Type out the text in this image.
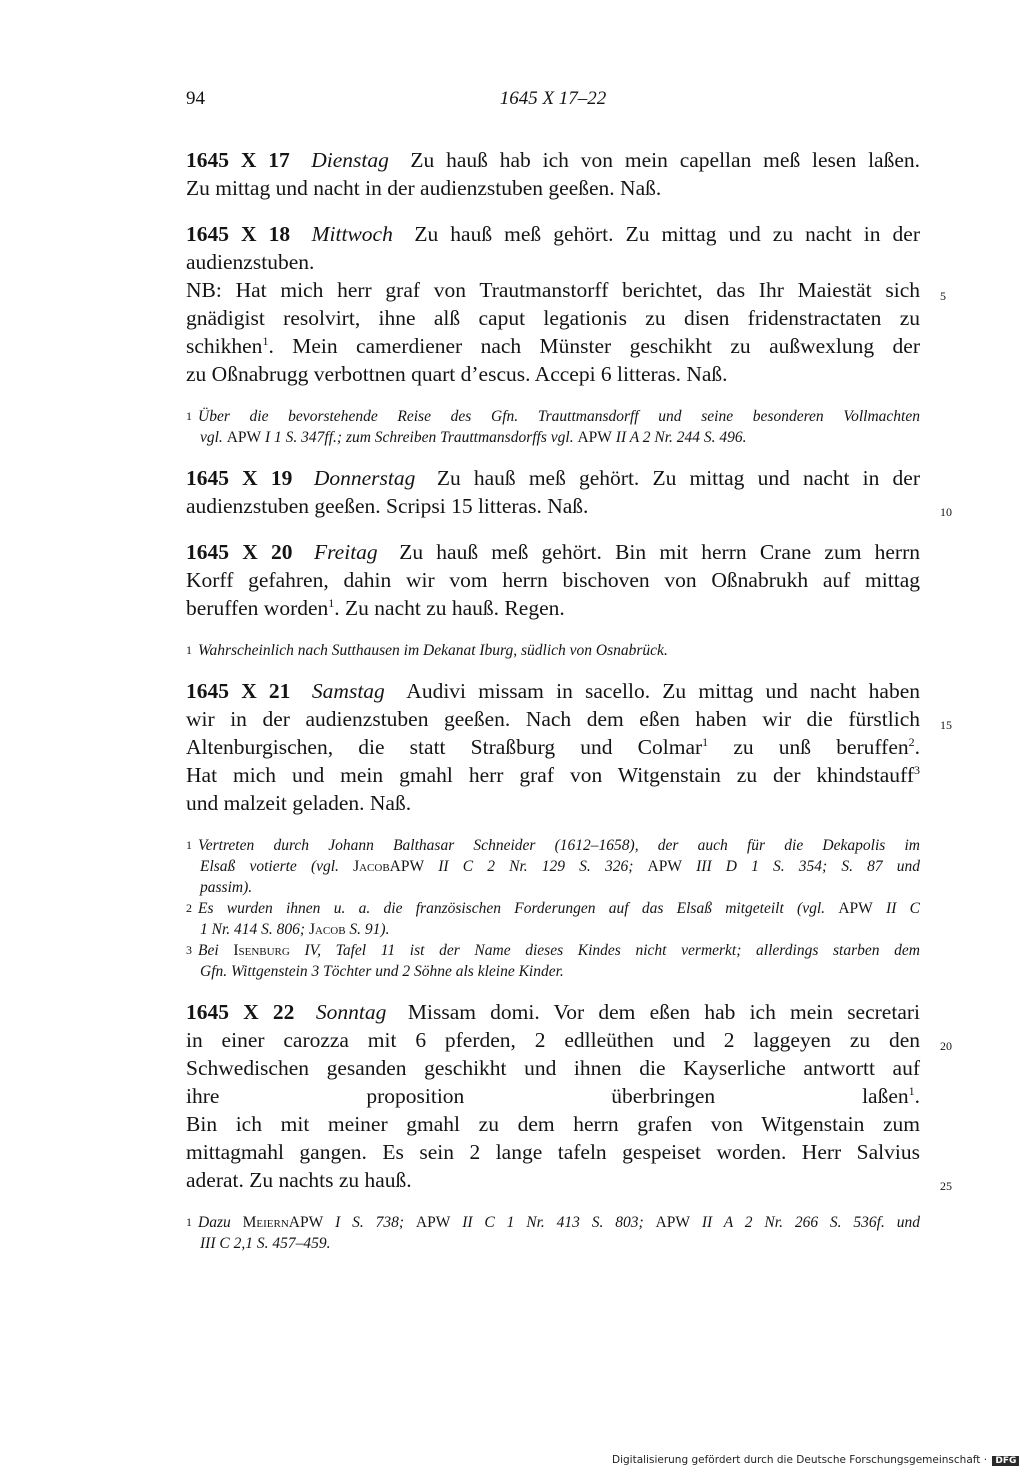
94	1645 X 17–22
1645 X 17  Dienstag  Zu hauß hab ich von mein capellan meß lesen laßen.
Zu mittag und nacht in der audienzstuben geeßen. Naß.
1645 X 18  Mittwoch  Zu hauß meß gehört. Zu mittag und zu nacht in der
audienzstuben.
NB: Hat mich herr graf von Trautmanstorff berichtet, das Ihr Maiestät sich 5
gnädigist resolvirt, ihne alß caput legationis zu disen fridenstractaten zu
schikhen$^1$. Mein camerdiener nach Münster geschikht zu außwexlung der
zu Oßnabrugg verbottnen quart d’escus. Accepi 6 litteras. Naß.
$^1$ Über die bevorstehende Reise des Gfn. Trauttmansdorff und seine besonderen Vollmachten
vgl. APW I 1 S. 347ff.; zum Schreiben Trauttmansdorffs vgl. APW II A 2 Nr. 244 S. 496.
1645 X 19  Donnerstag  Zu hauß meß gehört. Zu mittag und nacht in der
audienzstuben geeßen. Scripsi 15 litteras. Naß.	10
1645 X 20  Freitag  Zu hauß meß gehört. Bin mit herrn Crane zum herrn
Korff gefahren, dahin wir vom herrn bischoven von Oßnabrukh auf mittag
beruffen worden$^1$. Zu nacht zu hauß. Regen.
$^1$ Wahrscheinlich nach Sutthausen im Dekanat Iburg, südlich von Osnabrück.
1645 X 21  Samstag  Audivi missam in sacello. Zu mittag und nacht haben
wir in der audienzstuben geeßen. Nach dem eßen haben wir die fürstlich 15
Altenburgischen, die statt Straßburg und Colmar$^1$ zu unß beruffen$^2$.
Hat mich und mein gmahl herr graf von Witgenstain zu der khindstauff$^3$
und malzeit geladen. Naß.
$^1$ Vertreten durch Johann Balthasar Schneider (1612–1658), der auch für die Dekapolis im
Elsaß votierte (vgl. JacobAPW II C 2 Nr. 129 S. 326; APW III D 1 S. 354; S. 87 und
passim).
$^2$ Es wurden ihnen u. a. die französischen Forderungen auf das Elsaß mitgeteilt (vgl. APW II C
1 Nr. 414 S. 806; Jacob S. 91).
$^3$ Bei Isenburg IV, Tafel 11 ist der Name dieses Kindes nicht vermerkt; allerdings starben dem
Gfn. Wittgenstein 3 Töchter und 2 Söhne als kleine Kinder.
1645 X 22  Sonntag  Missam domi. Vor dem eßen hab ich mein secretari
in einer carozza mit 6 pferden, 2 edlleüthen und 2 laggeyen zu den 20
Schwedischen gesanden geschikht und ihnen die Kayserliche antwortt auf
ihre proposition überbringen laßen$^1$.
Bin ich mit meiner gmahl zu dem herrn grafen von Witgenstain zum
mittagmahl gangen. Es sein 2 lange tafeln gespeiset worden. Herr Salvius
aderat. Zu nachts zu hauß.	25
$^1$ Dazu MeiernAPW I S. 738; APW II C 1 Nr. 413 S. 803; APW II A 2 Nr. 266 S. 536f. und
III C 2,1 S. 457–459.
Digitalisierung gefördert durch die Deutsche Forschungsgemeinschaft · DFG
